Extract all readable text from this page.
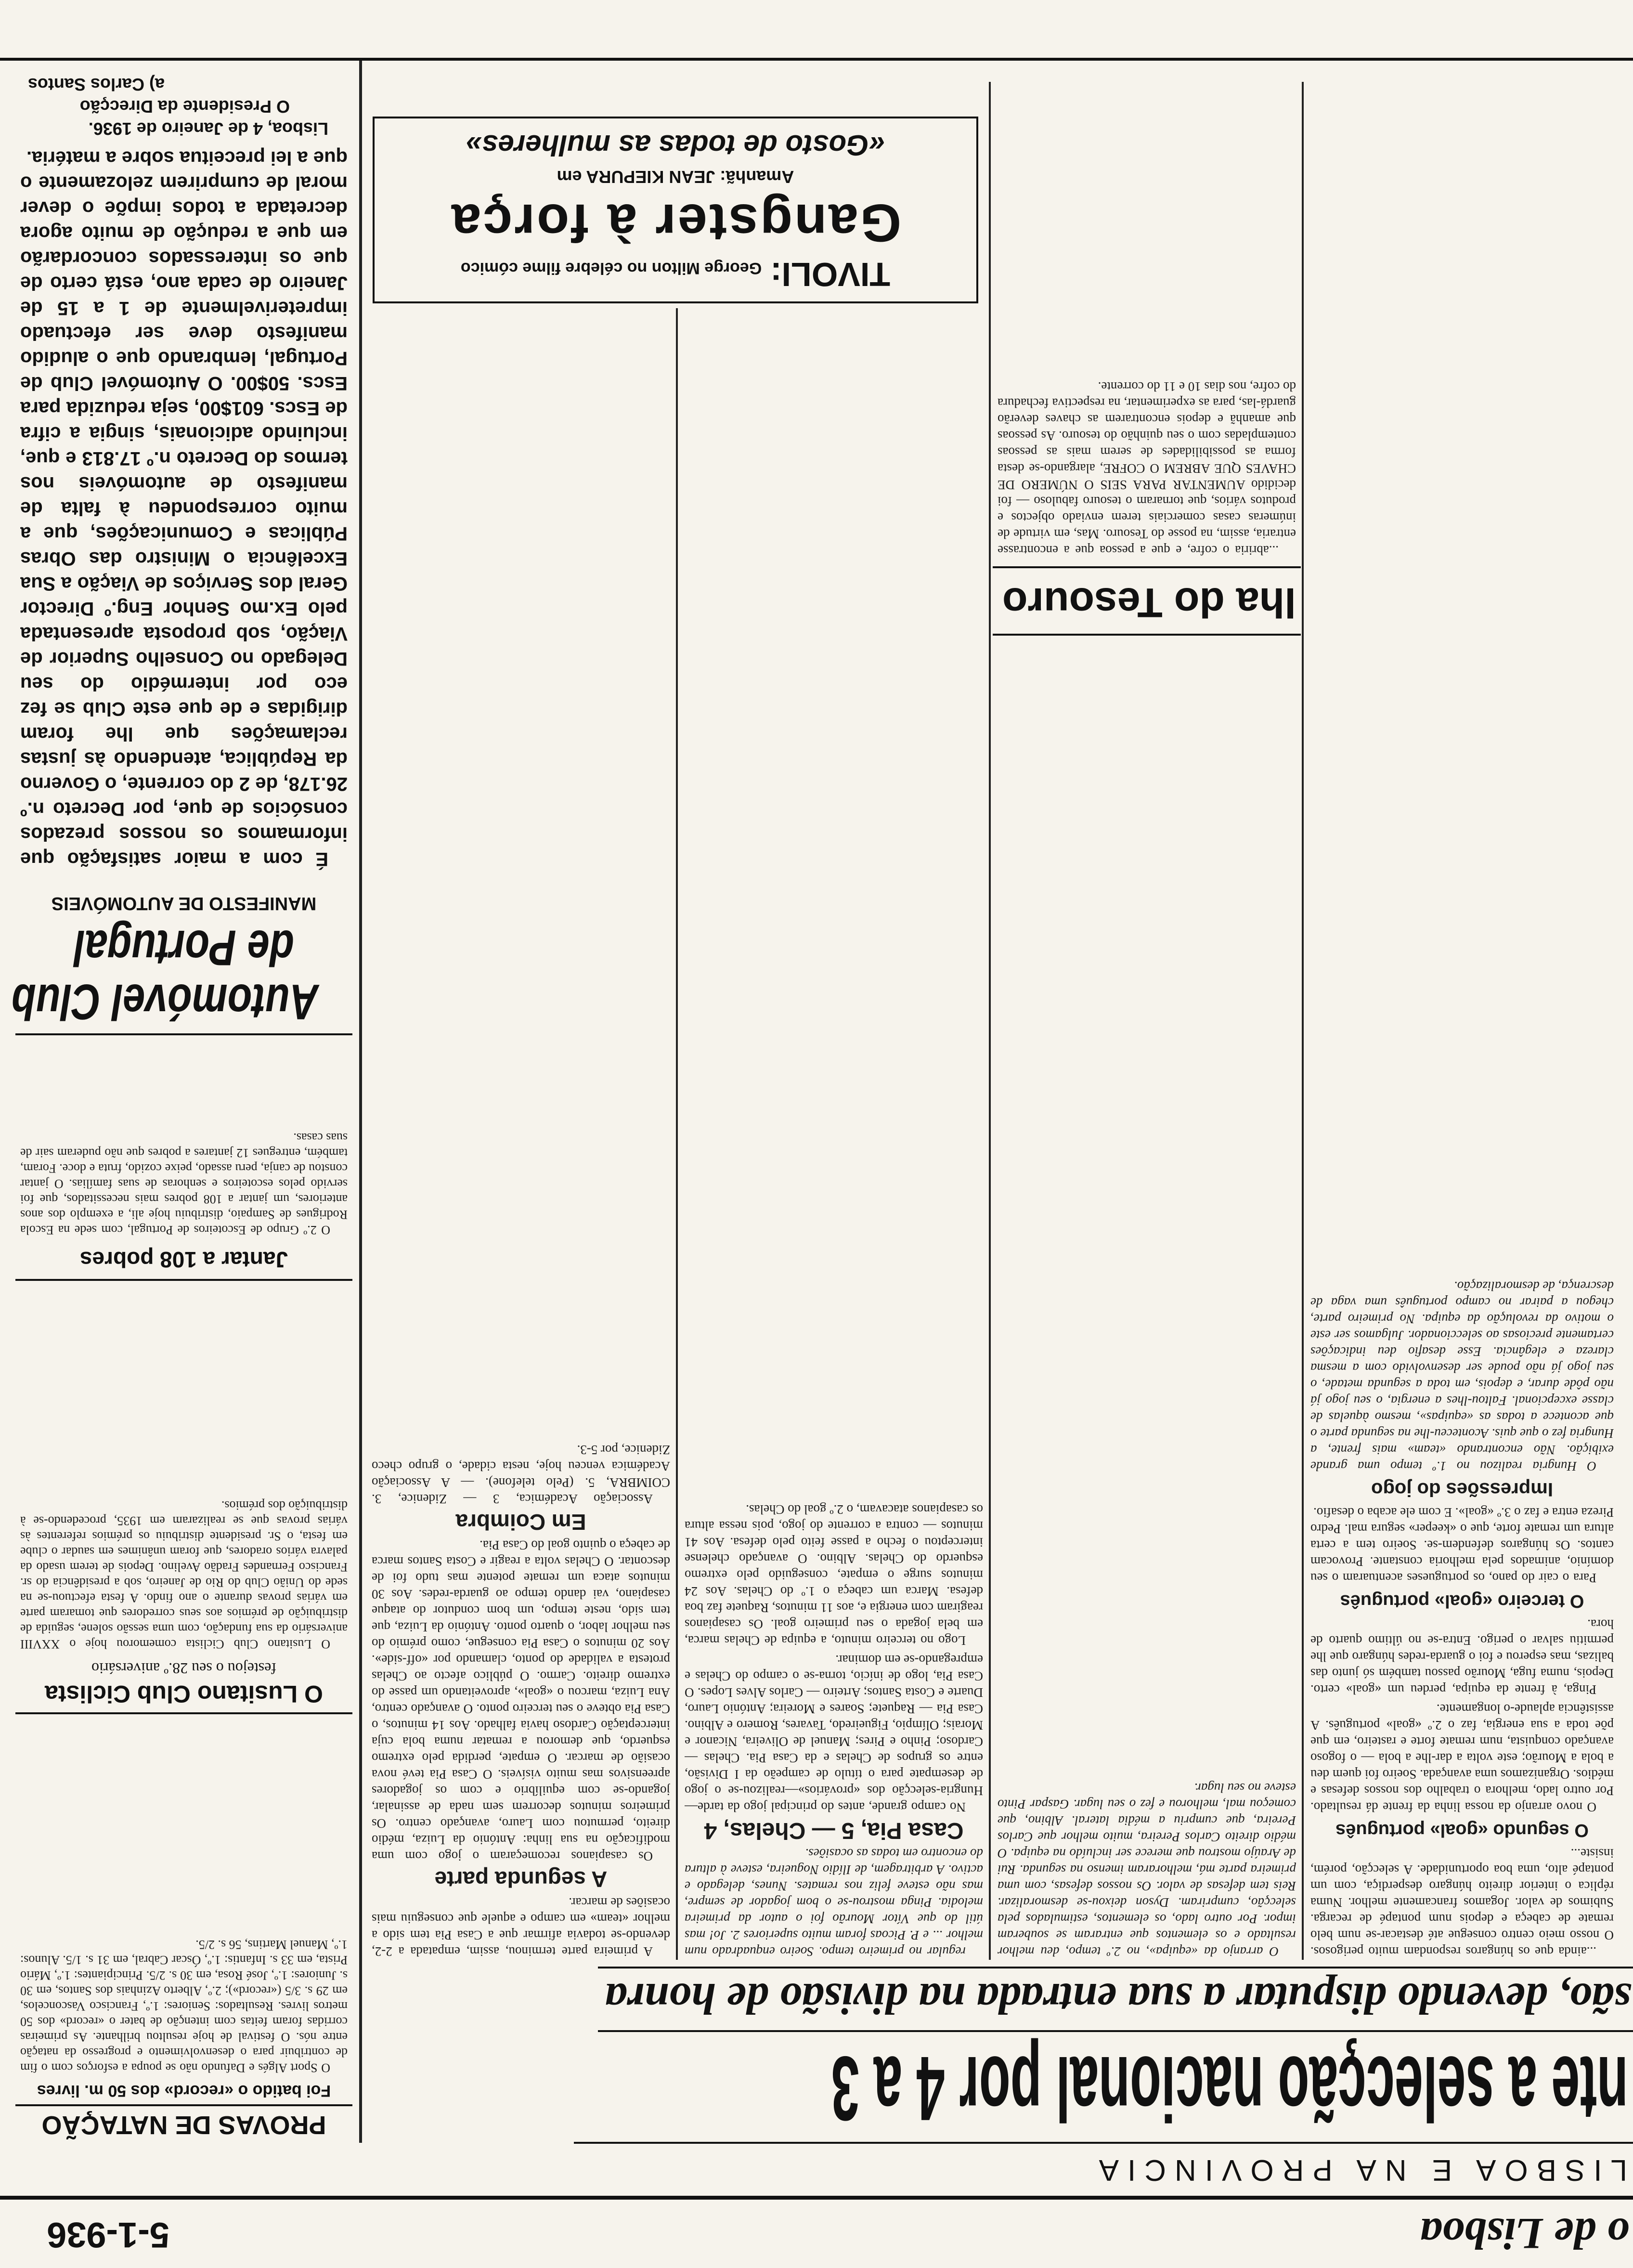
o de Lisboa
5-1-936
LISBOA E NA PROVINCIA
nte a selecção nacional por 4 a 3
são, devendo disputar a sua entrada na divisão de honra

...ainda que os húngaros respondam muito perigosos. O nosso meio centro consegue até destacar-se num belo remate de cabeça e depois num pontapé de recarga. Subimos de valor. Jogamos francamente melhor. Numa réplica o interior direito húngaro desperdiça, com um pontapé alto, uma boa oportunidade. A selecção, porém, insiste...

O segundo «goal» português

O novo arranjo da nossa linha da frente dá resultado. Por outro lado, melhora o trabalho dos nossos defesas e médios. Organizamos uma avançada. Soeiro foi quem deu a bola a Mourão; este volta a dar-lhe a bola — o fogoso avançado conquista, num remate forte e rasteiro, em que põe toda a sua energia, faz o 2.º «goal» português. A assistência aplaude-o longamente.

Pinga, à frente da equipa, perdeu um «goal» certo. Depois, numa fuga, Mourão passou também só junto das balizas, mas esperou e foi o guarda-redes húngaro que lhe permitiu salvar o perigo. Entra-se no último quarto de hora.

O terceiro «goal» português

Para o cair do pano, os portugueses acentuaram o seu domínio, animados pela melhoria constante. Provocam cantos. Os húngaros defendem-se. Soeiro tem a certa altura um remate forte, que o «keeper» segura mal. Pedro Pireza entra e faz o 3.º «goal». E com ele acaba o desafio.

Impressões do jogo

O Hungria realizou no 1.º tempo uma grande exibição. Não encontrando «team» mais frente, a Hungria fez o que quis. Aconteceu-lhe na segunda parte o que acontece a todas as «equipas», mesmo àquelas de classe excepcional. Faltou-lhes a energia, o seu jogo já não pôde durar, e depois, em toda a segunda metade, o seu jogo já não poude ser desenvolvido com a mesma clareza e elegância. Esse desafio deu indicações certamente preciosas ao seleccionador. Julgamos ser este o motivo da revolução da equipa. No primeiro parte, chegou a pairar no campo português uma vaga de descrença, de desmoralização.

O arranjo da «equipa», no 2.º tempo, deu melhor resultado e os elementos que entraram se souberam impor. Por outro lado, os elementos, estimulados pela selecção, cumpriram. Dyson deixou-se desmoralizar. Reis tem defesas de valor. Os nossos defesas, com uma primeira parte má, melhoraram imenso na segunda. Rui de Araújo mostrou que merece ser incluído na equipa. O médio direito Carlos Pereira, muito melhor que Carlos Pereira, que cumpriu a média lateral. Albino, que começou mal, melhorou e fez o seu lugar. Gaspar Pinto esteve no seu lugar.

lha do Tesouro

...abriria o cofre, e que a pessoa que a encontrasse entraria, assim, na posse do Tesouro. Mas, em virtude de inúmeras casas comerciais terem enviado objectos e produtos vários, que tornaram o tesouro fabuloso — foi decidido AUMENTAR PARA SEIS O NÚMERO DE CHAVES QUE ABREM O COFRE, alargando-se desta forma as possibilidades de serem mais as pessoas contempladas com o seu quinhão do tesouro. As pessoas que amanhã e depois encontrarem as chaves deverão guardá-las, para as experimentar, na respectiva fechadura do cofre, nos dias 10 e 11 do corrente.

regular no primeiro tempo. Soeiro enquadrado num melhor ... e P. Picoas foram muito superiores 2. Jo! mas útil do que Vítor Mourão foi o autor da primeira melodia. Pinga mostrou-se o bom jogador de sempre, mas não esteve feliz nos remates. Nunes, delegado e activo. A arbitragem, de Ilídio Nogueira, esteve à altura do encontro em todas as ocasiões.

Casa Pia, 5 — Chelas, 4

No campo grande, antes do principal jogo da tarde—Hungria-selecção dos «provários»—realizou-se o jogo de desempate para o título de campeão da I Divisão, entre os grupos de Chelas e da Casa Pia. Chelas — Cardoso; Pinho e Pires; Manuel de Oliveira, Nicanor e Morais; Olímpio, Figueiredo, Tavares, Romero e Albino. Casa Pia — Raquete; Soares e Moreira; António Lauro, Duarte e Costa Santos; Arteiro — Carlos Alves Lopes. O Casa Pia, logo de início, torna-se o campo do Chelas e empregando-se em dominar.

Logo no terceiro minuto, a equipa de Chelas marca, em bela jogada o seu primeiro goal. Os casapianos reagiram com energia e, aos 11 minutos, Raquete faz boa defesa. Marca um cabeça o 1.º do Chelas. Aos 24 minutos surge o empate, conseguido pelo extremo esquerdo do Chelas. Albino. O avançado chelense interceptou o fecho a passe feito pelo defesa. Aos 41 minutos — contra a corrente do jogo, pois nessa altura os casapianos atacavam, o 2.º goal do Chelas.

A primeira parte terminou, assim, empatada a 2-2, devendo-se todavia afirmar que a Casa Pia tem sido a melhor «team» em campo e aquele que conseguiu mais ocasiões de marcar.

A segunda parte

Os casapianos recomeçaram o jogo com uma modificação na sua linha: António da Luiza, médio direito, permutou com Lauro, avançado centro. Os primeiros minutos decorrem sem nada de assinalar, jogando-se com equilíbrio e com os jogadores apreensivos mas muito visíveis. O Casa Pia tevé nova ocasião de marcar. O empate, perdida pelo extremo esquerdo, que demorou a rematar numa bola cuja interceptação Cardoso havia falhado. Aos 14 minutos, o Casa Pia obteve o seu terceiro ponto. O avançado centro, Ana Luiza, marcou o «goal», aproveitando um passe do extremo direito. Carmo. O público afecto ao Chelas protesta a validade do ponto, clamando por «off-side». Aos 20 minutos o Casa Pia consegue, como prémio do seu melhor labor, o quarto ponto. António da Luiza, que tem sido, neste tempo, um bom condutor do ataque casapiano, vai dando tempo ao guarda-redes. Aos 30 minutos ataca um remate potente mas tudo foi de descontar. O Chelas volta a reagir e Costa Santos marca de cabeça o quinto goal do Casa Pia.

Em Coimbra

Associação Académica, 3 — Zidenice, 3. COIMBRA, 5. (Pelo telefone). — A Associação Académica venceu hoje, nesta cidade, o grupo checo Zidenice, por 5-3.

TIVOLI: George Milton no célebre filme cómico
Gangster à força
Amanhã: JEAN KIEPURA em
«Gosto de todas as mulheres»
PROVAS DE NATAÇÃO
Foi batido o «record» dos 50 m. livres

O Sport Algés e Dafundo não se poupa a esforços com o fim de contribuir para o desenvolvimento e progresso da natação entre nós. O festival de hoje resultou brilhante. As primeiras corridas foram feitas com intenção de bater o «record» dos 50 metros livres. Resultados: Seniores: 1.º, Francisco Vasconcelos, em 29 s. 3/5 («record»); 2.º, Alberto Azinhais dos Santos, em 30 s. Juniores: 1.º, José Rosa, em 30 s. 2/5. Principiantes: 1.º, Mário Prista, em 33 s. Infantis: 1.º, Óscar Cabral, em 31 s. 1/5. Alunos: 1.º, Manuel Martins, 56 s. 2/5.

O Lusitano Club Ciclista
festejou o seu 28.º aniversário

O Lusitano Club Ciclista comemorou hoje o XXVIII aniversário da sua fundação, com uma sessão solene, seguida de distribuição de prémios aos seus corredores que tomaram parte em várias provas durante o ano findo. A festa efectuou-se na sede do União Club do Rio de Janeiro, sob a presidência do sr. Francisco Fernandes Fradão Avelino. Depois de terem usado da palavra vários oradores, que foram unânimes em saudar o clube em festa, o Sr. presidente distribuiu os prémios referentes às várias provas que se realizaram em 1935, procedendo-se à distribuição dos prémios.

Jantar a 108 pobres

O 2.º Grupo de Escoteiros de Portugal, com sede na Escola Rodrigues de Sampaio, distribuiu hoje ali, a exemplo dos anos anteriores, um jantar a 108 pobres mais necessitados, que foi servido pelos escoteiros e senhoras de suas famílias. O jantar constou de canja, peru assado, peixe cozido, fruta e doce. Foram, também, entregues 12 jantares a pobres que não puderam sair de suas casas.

Automóvel Club
de Portugal
MANIFESTO DE AUTOMÓVEIS

É com a maior satisfação que informamos os nossos prezados consócios de que, por Decreto n.º 26.178, de 2 do corrente, o Governo da República, atendendo às justas reclamações que lhe foram dirigidas e de que este Club se fez eco por intermédio do seu Delegado no Conselho Superior de Viação, sob proposta apresentada pelo Ex.mo Senhor Eng.º Director Geral dos Serviços de Viação a Sua Excelência o Ministro das Obras Públicas e Comunicações, que a muito correspondeu à falta de manifesto de automóveis nos termos do Decreto n.º 17.813 e que, incluindo adicionais, singia a cifra de Escs. 601$00, seja reduzida para Escs. 50$00. O Automóvel Club de Portugal, lembrando que o aludido manifesto deve ser efectuado impreterivelmente de 1 a 15 de Janeiro de cada ano, está certo de que os interessados concordarão em que a redução de muito agora decretada a todos impõe o dever moral de cumprirem zelozamente o que a lei preceitua sobre a matéria.

Lisboa, 4 de Janeiro de 1936.
O Presidente da Direcção
a) Carlos Santos
